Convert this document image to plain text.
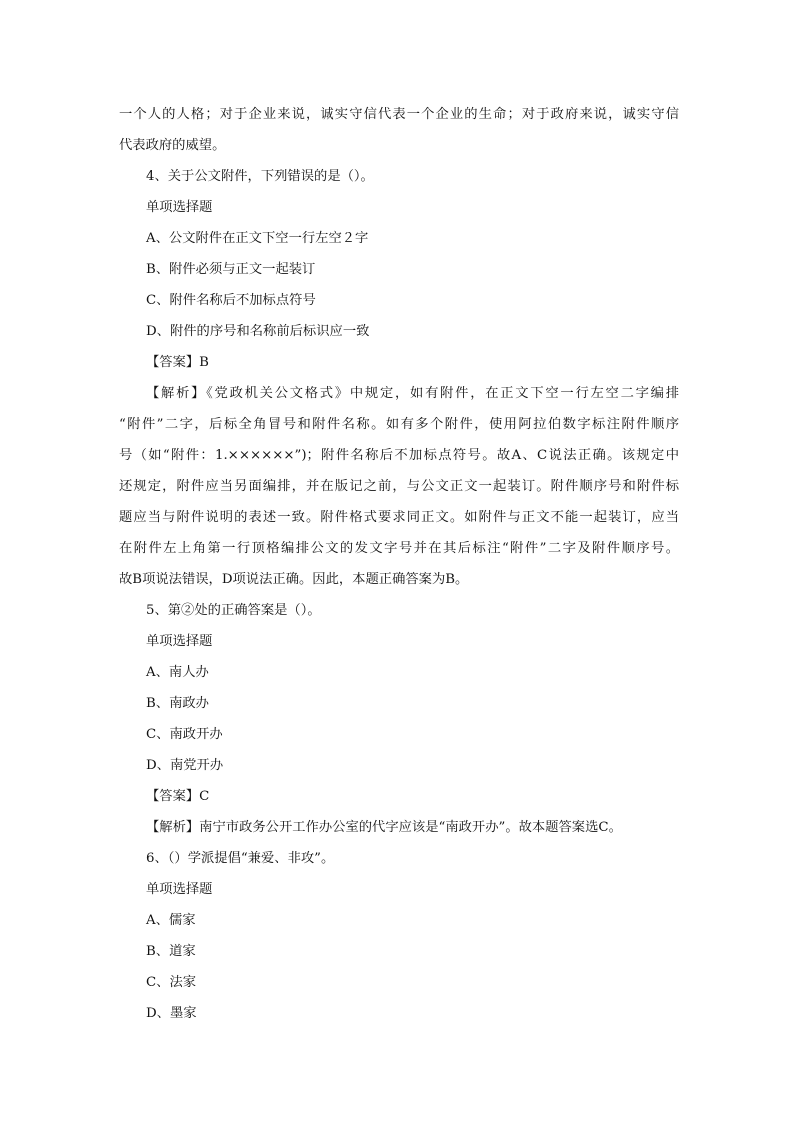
一个人的人格；对于企业来说，诚实守信代表一个企业的生命；对于政府来说，诚实守信
代表政府的威望。
4、关于公文附件，下列错误的是（）。
单项选择题
A、公文附件在正文下空一行左空２字
B、附件必须与正文一起装订
C、附件名称后不加标点符号
D、附件的序号和名称前后标识应一致
【答案】B
【解析】《党政机关公文格式》中规定，如有附件，在正文下空一行左空二字编排
“附件”二字，后标全角冒号和附件名称。如有多个附件，使用阿拉伯数字标注附件顺序
号（如“附件：1.××××××”)；附件名称后不加标点符号。故A、C说法正确。该规定中
还规定，附件应当另面编排，并在版记之前，与公文正文一起装订。附件顺序号和附件标
题应当与附件说明的表述一致。附件格式要求同正文。如附件与正文不能一起装订，应当
在附件左上角第一行顶格编排公文的发文字号并在其后标注“附件”二字及附件顺序号。
故B项说法错误，D项说法正确。因此，本题正确答案为B。
5、第②处的正确答案是（）。
单项选择题
A、南人办
B、南政办
C、南政开办
D、南党开办
【答案】C
【解析】南宁市政务公开工作办公室的代字应该是“南政开办”。故本题答案选C。
6、（）学派提倡“兼爱、非攻”。
单项选择题
A、儒家
B、道家
C、法家
D、墨家
